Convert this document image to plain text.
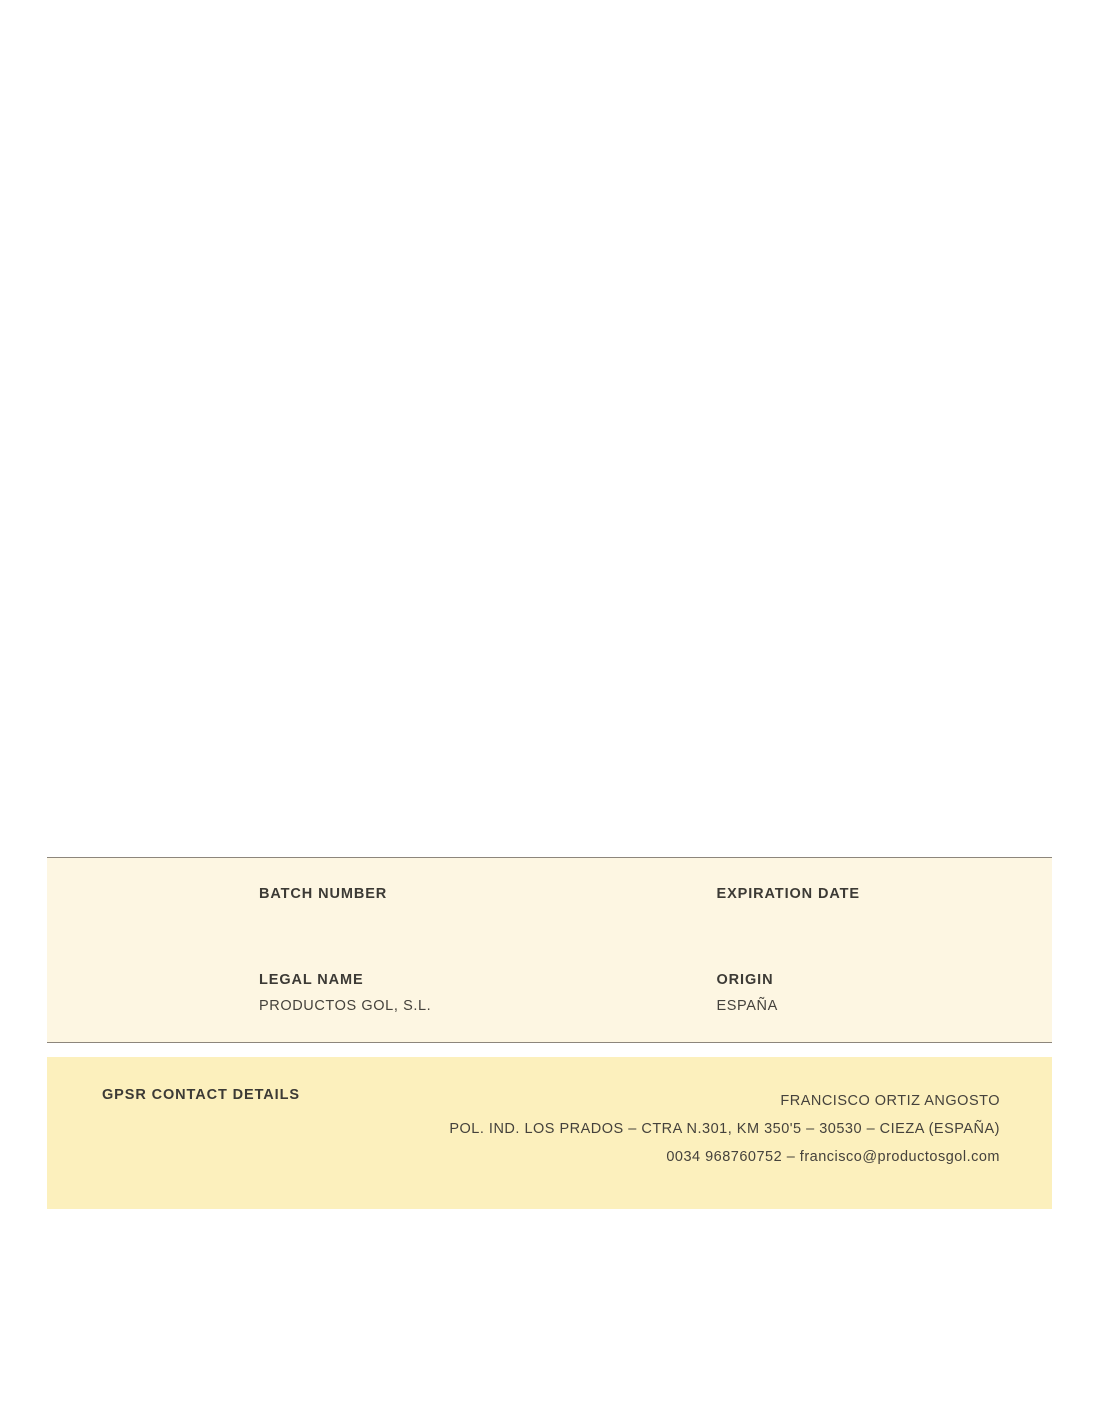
BATCH NUMBER	EXPIRATION DATE
LEGAL NAME
PRODUCTOS GOL, S.L.
ORIGIN
ESPAÑA
GPSR CONTACT DETAILS	FRANCISCO ORTIZ ANGOSTO
POL. IND. LOS PRADOS – CTRA N.301, KM 350'5 – 30530 – CIEZA (ESPAÑA)
0034 968760752 – francisco@productosgol.com
